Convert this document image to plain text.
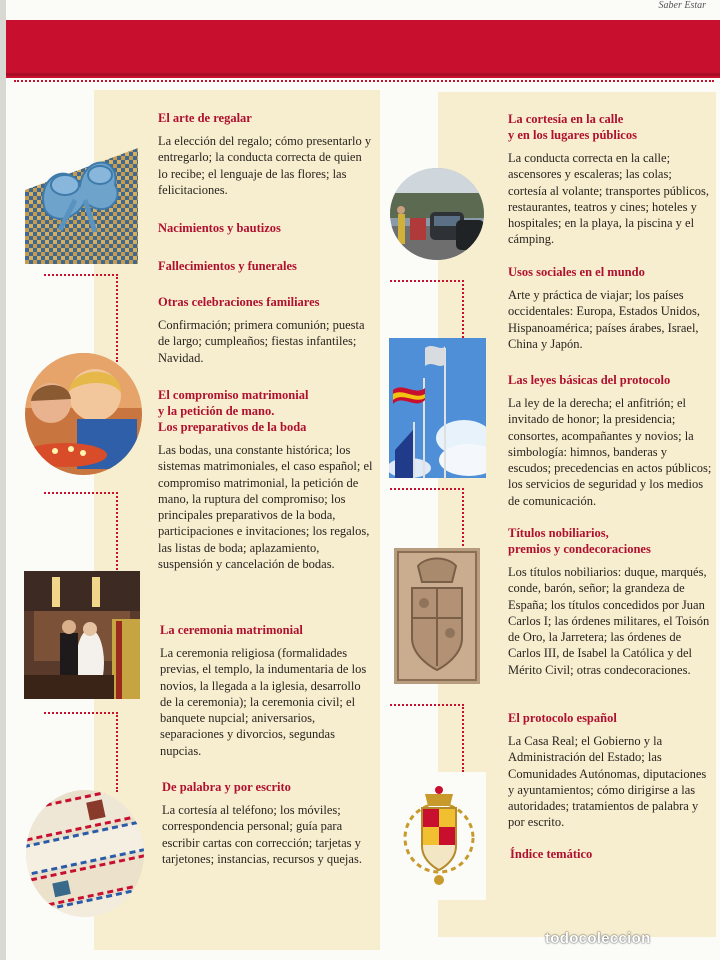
Saber Estar
El arte de regalar
La elección del regalo; cómo presentarlo y entregarlo; la conducta correcta de quien lo recibe; el lenguaje de las flores; las felicitaciones.
Nacimientos y bautizos
Fallecimientos y funerales
Otras celebraciones familiares
Confirmación; primera comunión; puesta de largo; cumpleaños; fiestas infantiles; Navidad.
El compromiso matrimonial
y la petición de mano.
Los preparativos de la boda
Las bodas, una constante histórica; los sistemas matrimoniales, el caso español; el compromiso matrimonial, la petición de mano, la ruptura del compromiso; los principales preparativos de la boda, participaciones e invitaciones; los regalos, las listas de boda; aplazamiento, suspensión y cancelación de bodas.
La ceremonia matrimonial
La ceremonia religiosa (formalidades previas, el templo, la indumentaria de los novios, la llegada a la iglesia, desarrollo de la ceremonia); la ceremonia civil; el banquete nupcial; aniversarios, separaciones y divorcios, segundas nupcias.
De palabra y por escrito
La cortesía al teléfono; los móviles; correspondencia personal; guía para escribir cartas con corrección; tarjetas y tarjetones; instancias, recursos y quejas.
La cortesía en la calle
y en los lugares públicos
La conducta correcta en la calle; ascensores y escaleras; las colas; cortesía al volante; transportes públicos, restaurantes, teatros y cines; hoteles y hospitales; en la playa, la piscina y el cámping.
Usos sociales en el mundo
Arte y práctica de viajar; los países occidentales: Europa, Estados Unidos, Hispanoamérica; países árabes, Israel, China y Japón.
Las leyes básicas del protocolo
La ley de la derecha; el anfitrión; el invitado de honor; la presidencia; consortes, acompañantes y novios; la simbología: himnos, banderas y escudos; precedencias en actos públicos; los servicios de seguridad y los medios de comunicación.
Títulos nobiliarios,
premios y condecoraciones
Los títulos nobiliarios: duque, marqués, conde, barón, señor; la grandeza de España; los títulos concedidos por Juan Carlos I; las órdenes militares, el Toisón de Oro, la Jarretera; las órdenes de Carlos III, de Isabel la Católica y del Mérito Civil; otras condecoraciones.
El protocolo español
La Casa Real; el Gobierno y la Administración del Estado; las Comunidades Autónomas, diputaciones y ayuntamientos; cómo dirigirse a las autoridades; tratamientos de palabra y por escrito.
Índice temático
todocoleccion
